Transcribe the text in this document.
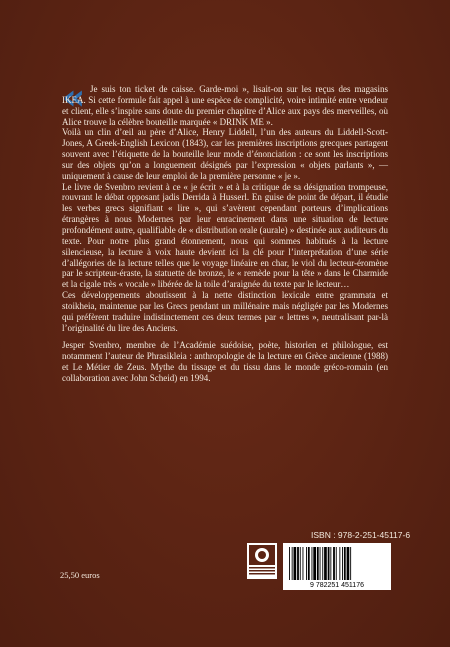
« Je suis ton ticket de caisse. Garde-moi », lisait-on sur les reçus des magasins IKEA. Si cette formule fait appel à une espèce de complicité, voire intimité entre vendeur et client, elle s’inspire sans doute du premier chapitre d’Alice aux pays des merveilles, où Alice trouve la célèbre bouteille marquée « DRINK ME ».

Voilà un clin d’œil au père d’Alice, Henry Liddell, l’un des auteurs du Liddell-Scott-Jones, A Greek-English Lexicon (1843), car les premières inscriptions grecques partagent souvent avec l’étiquette de la bouteille leur mode d’énonciation : ce sont les inscriptions sur des objets qu’on a longuement désignés par l’expression « objets parlants », — uniquement à cause de leur emploi de la première personne « je ».

Le livre de Svenbro revient à ce « je écrit » et à la critique de sa désignation trompeuse, rouvrant le débat opposant jadis Derrida à Husserl. En guise de point de départ, il étudie les verbes grecs signifiant « lire », qui s’avèrent cependant porteurs d’implications étrangères à nous Modernes par leur enracinement dans une situation de lecture profondément autre, qualifiable de « distribution orale (aurale) » destinée aux auditeurs du texte. Pour notre plus grand étonnement, nous qui sommes habitués à la lecture silencieuse, la lecture à voix haute devient ici la clé pour l’interprétation d’une série d’allégories de la lecture telles que le voyage linéaire en char, le viol du lecteur-éromène par le scripteur-éraste, la statuette de bronze, le « remède pour la tête » dans le Charmide et la cigale très « vocale » libérée de la toile d’araignée du texte par le lecteur…

Ces développements aboutissent à la nette distinction lexicale entre grammata et stoikheia, maintenue par les Grecs pendant un millénaire mais négligée par les Modernes qui préfèrent traduire indistinctement ces deux termes par « lettres », neutralisant par-là l’originalité du lire des Anciens.

Jesper Svenbro, membre de l’Académie suédoise, poète, historien et philologue, est notamment l’auteur de Phrasikleia : anthropologie de la lecture en Grèce ancienne (1988) et Le Métier de Zeus. Mythe du tissage et du tissu dans le monde gréco-romain (en collaboration avec John Scheid) en 1994.

ISBN : 978-2-251-45117-6
9 782251 451176
25,50 euros
